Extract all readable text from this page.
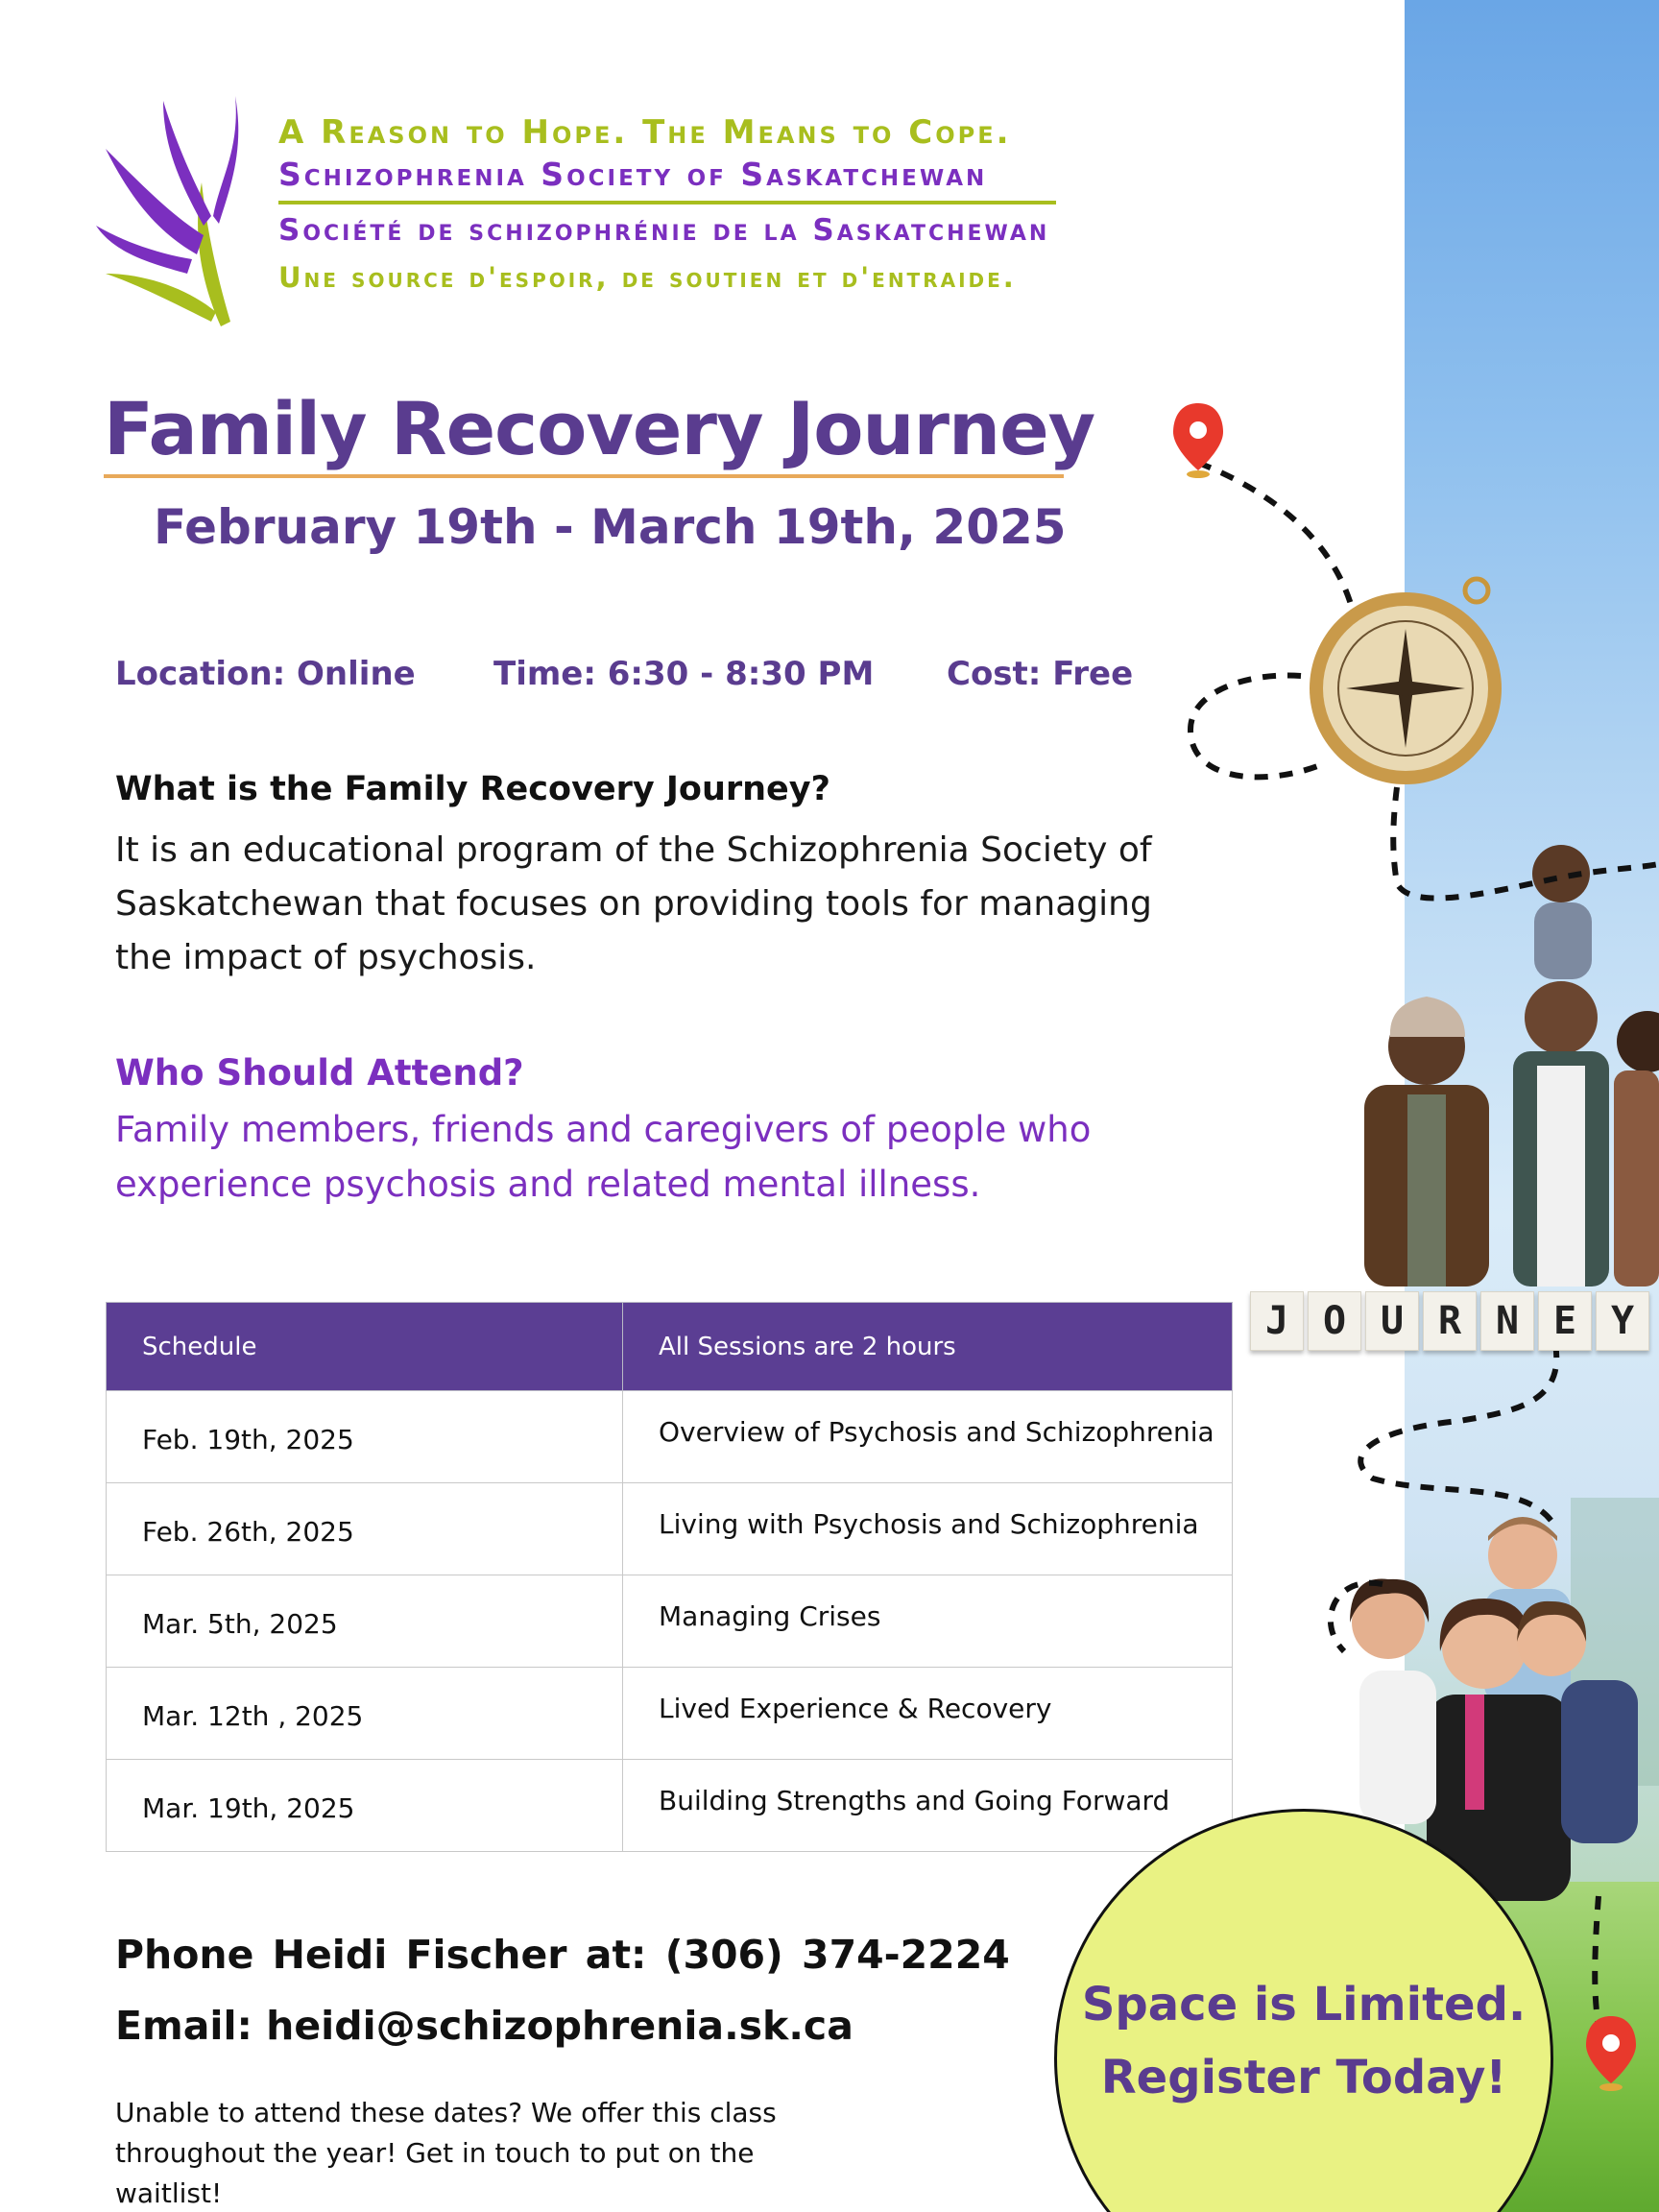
J O U R N E Y
A Reason to Hope. The Means to Cope.
Schizophrenia Society of Saskatchewan
Société de schizophrénie de la Saskatchewan
Une source d'espoir, de soutien et d'entraide.
Family Recovery Journey
February 19th - March 19th, 2025
Location: Online Time: 6:30 - 8:30 PM Cost: Free
What is the Family Recovery Journey?
It is an educational program of the Schizophrenia Society of Saskatchewan that focuses on providing tools for managing the impact of psychosis.
Who Should Attend?
Family members, friends and caregivers of people who experience psychosis and related mental illness.
Schedule	All Sessions are 2 hours
Feb. 19th, 2025	Overview of Psychosis and Schizophrenia
Feb. 26th, 2025	Living with Psychosis and Schizophrenia
Mar. 5th, 2025	Managing Crises
Mar. 12th , 2025	Lived Experience & Recovery
Mar. 19th, 2025	Building Strengths and Going Forward
Phone Heidi Fischer at: (306) 374-2224
Email: heidi@schizophrenia.sk.ca
Unable to attend these dates? We offer this class throughout the year! Get in touch to put on the waitlist!
Space is Limited.
Register Today!
